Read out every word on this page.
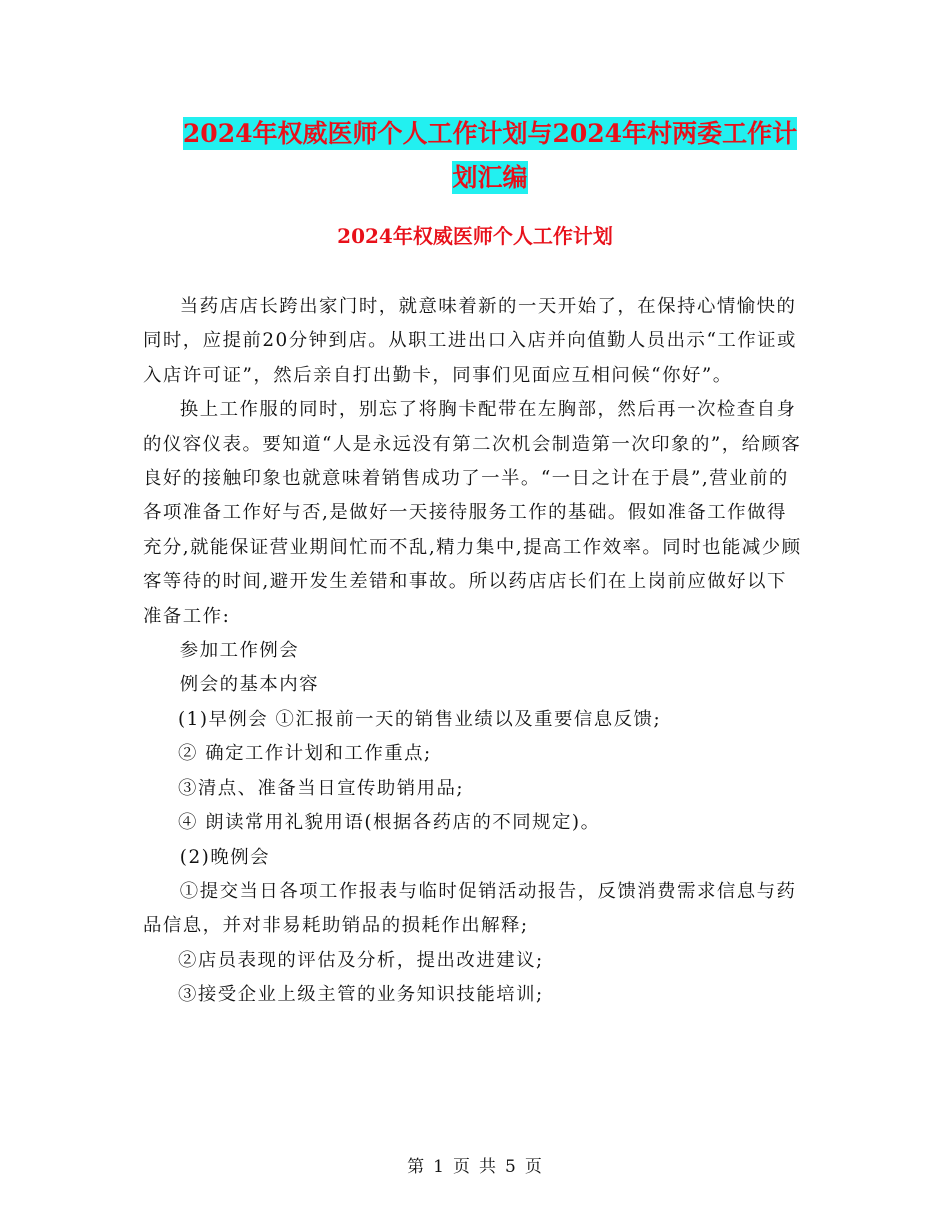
2024年权威医师个人工作计划与2024年村两委工作计
划汇编
2024年权威医师个人工作计划

当药店店长跨出家门时，就意味着新的一天开始了，在保持心情愉快的同时，应提前20分钟到店。从职工进出口入店并向值勤人员出示“工作证或入店许可证”，然后亲自打出勤卡，同事们见面应互相问候“你好”。

换上工作服的同时，别忘了将胸卡配带在左胸部，然后再一次检查自身的仪容仪表。要知道“人是永远没有第二次机会制造第一次印象的”，给顾客良好的接触印象也就意味着销售成功了一半。“一日之计在于晨”,营业前的各项准备工作好与否,是做好一天接待服务工作的基础。假如准备工作做得充分,就能保证营业期间忙而不乱,精力集中,提高工作效率。同时也能减少顾客等待的时间,避开发生差错和事故。所以药店店长们在上岗前应做好以下准备工作:

参加工作例会

例会的基本内容

(1)早例会 ①汇报前一天的销售业绩以及重要信息反馈;

② 确定工作计划和工作重点;

③清点、准备当日宣传助销用品;

④ 朗读常用礼貌用语(根据各药店的不同规定)。

(2)晚例会

①提交当日各项工作报表与临时促销活动报告，反馈消费需求信息与药品信息，并对非易耗助销品的损耗作出解释;

②店员表现的评估及分析，提出改进建议;

③接受企业上级主管的业务知识技能培训;

第 1 页 共 5 页
